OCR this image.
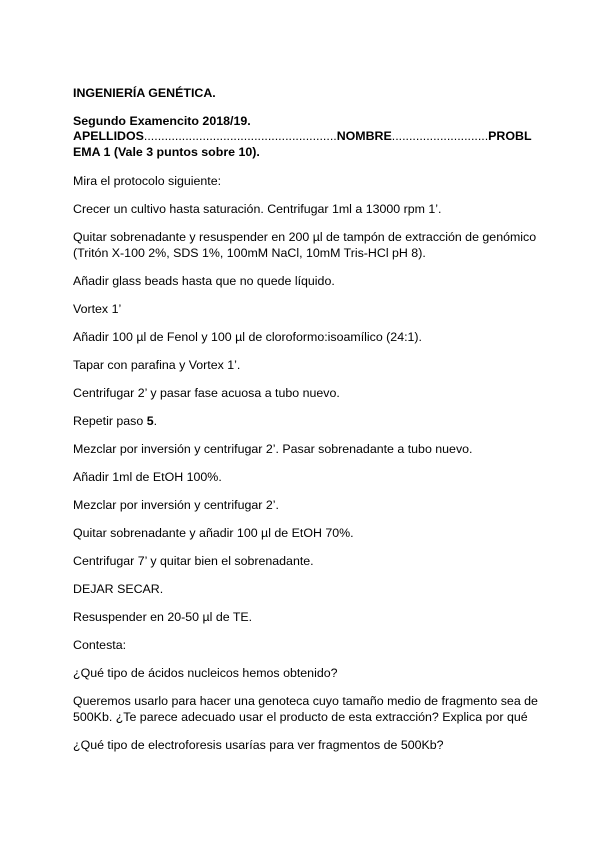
INGENIERÍA GENÉTICA.
Segundo Examencito 2018/19.
APELLIDOS........................................................NOMBRE............................PROBL
EMA 1 (Vale 3 puntos sobre 10).
Mira el protocolo siguiente:
Crecer un cultivo hasta saturación. Centrifugar 1ml a 13000 rpm 1’.
Quitar sobrenadante y resuspender en 200 µl de tampón de extracción de genómico
(Tritón X-100 2%, SDS 1%, 100mM NaCl, 10mM Tris-HCl pH 8).
Añadir glass beads hasta que no quede líquido.
Vortex 1’
Añadir 100 µl de Fenol y 100 µl de cloroformo:isoamílico (24:1).
Tapar con parafina y Vortex 1’.
Centrifugar 2’ y pasar fase acuosa a tubo nuevo.
Repetir paso 5.
Mezclar por inversión y centrifugar 2’. Pasar sobrenadante a tubo nuevo.
Añadir 1ml de EtOH 100%.
Mezclar por inversión y centrifugar 2’.
Quitar sobrenadante y añadir 100 µl de EtOH 70%.
Centrifugar 7’ y quitar bien el sobrenadante.
DEJAR SECAR.
Resuspender en 20-50 µl de TE.
Contesta:
¿Qué tipo de ácidos nucleicos hemos obtenido?
Queremos usarlo para hacer una genoteca cuyo tamaño medio de fragmento sea de
500Kb. ¿Te parece adecuado usar el producto de esta extracción? Explica por qué
¿Qué tipo de electroforesis usarías para ver fragmentos de 500Kb?
